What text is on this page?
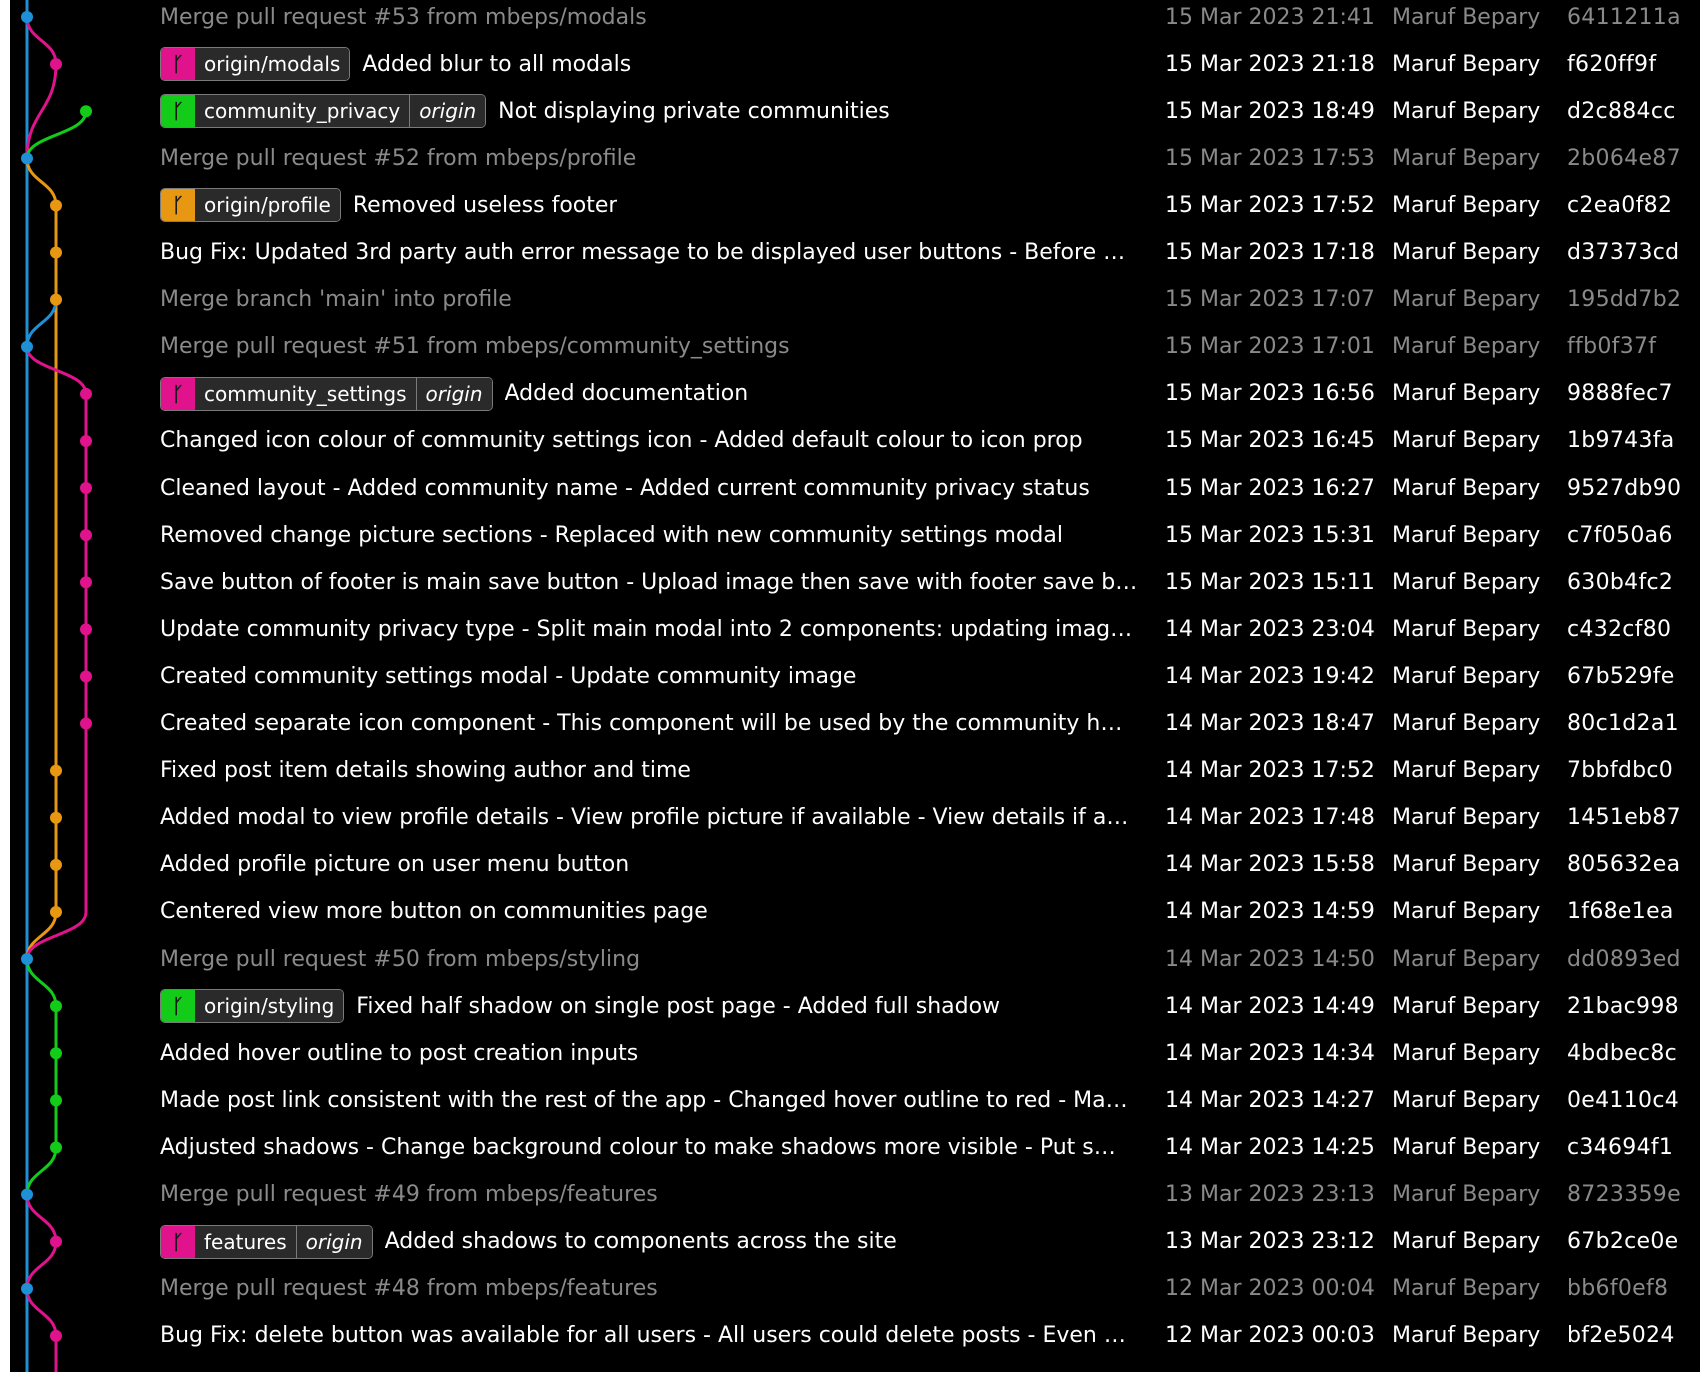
Merge pull request #53 from mbeps/modals	15 Mar 2023 21:41 Maruf Bepary	6411211a
ᚴ	origin/modals	Added blur to all modals	15 Mar 2023 21:18 Maruf Bepary	f620ff9f
ᚴ	community_privacy origin	Not displaying private communities	15 Mar 2023 18:49 Maruf Bepary	d2c884cc
Merge pull request #52 from mbeps/profile	15 Mar 2023 17:53 Maruf Bepary	2b064e87
ᚴ	origin/profile	Removed useless footer	15 Mar 2023 17:52 Maruf Bepary	c2ea0f82
Bug Fix: Updated 3rd party auth error message to be displayed user buttons - Before … 15 Mar 2023 17:18 Maruf Bepary	d37373cd
Merge branch 'main' into profile	15 Mar 2023 17:07 Maruf Bepary	195dd7b2
Merge pull request #51 from mbeps/community_settings	15 Mar 2023 17:01 Maruf Bepary	ffb0f37f
ᚴ	community_settings origin	Added documentation	15 Mar 2023 16:56 Maruf Bepary	9888fec7
Changed icon colour of community settings icon - Added default colour to icon prop	15 Mar 2023 16:45 Maruf Bepary	1b9743fa
Cleaned layout - Added community name - Added current community privacy status	15 Mar 2023 16:27 Maruf Bepary	9527db90
Removed change picture sections - Replaced with new community settings modal	15 Mar 2023 15:31 Maruf Bepary	c7f050a6
Save button of footer is main save button - Upload image then save with footer save b… 15 Mar 2023 15:11 Maruf Bepary	630b4fc2
Update community privacy type - Split main modal into 2 components: updating imag… 14 Mar 2023 23:04 Maruf Bepary	c432cf80
Created community settings modal - Update community image	14 Mar 2023 19:42 Maruf Bepary	67b529fe
Created separate icon component - This component will be used by the community h… 14 Mar 2023 18:47 Maruf Bepary	80c1d2a1
Fixed post item details showing author and time	14 Mar 2023 17:52 Maruf Bepary	7bbfdbc0
Added modal to view profile details - View profile picture if available - View details if a… 14 Mar 2023 17:48 Maruf Bepary	1451eb87
Added profile picture on user menu button	14 Mar 2023 15:58 Maruf Bepary	805632ea
Centered view more button on communities page	14 Mar 2023 14:59 Maruf Bepary	1f68e1ea
Merge pull request #50 from mbeps/styling	14 Mar 2023 14:50 Maruf Bepary	dd0893ed
ᚴ	origin/styling	Fixed half shadow on single post page - Added full shadow	14 Mar 2023 14:49 Maruf Bepary	21bac998
Added hover outline to post creation inputs	14 Mar 2023 14:34 Maruf Bepary	4bdbec8c
Made post link consistent with the rest of the app - Changed hover outline to red - Ma… 14 Mar 2023 14:27 Maruf Bepary	0e4110c4
Adjusted shadows - Change background colour to make shadows more visible - Put s… 14 Mar 2023 14:25 Maruf Bepary	c34694f1
Merge pull request #49 from mbeps/features	13 Mar 2023 23:13 Maruf Bepary	8723359e
ᚴ	features origin	Added shadows to components across the site	13 Mar 2023 23:12 Maruf Bepary	67b2ce0e
Merge pull request #48 from mbeps/features	12 Mar 2023 00:04 Maruf Bepary	bb6f0ef8
Bug Fix: delete button was available for all users - All users could delete posts - Even … 12 Mar 2023 00:03 Maruf Bepary	bf2e5024
